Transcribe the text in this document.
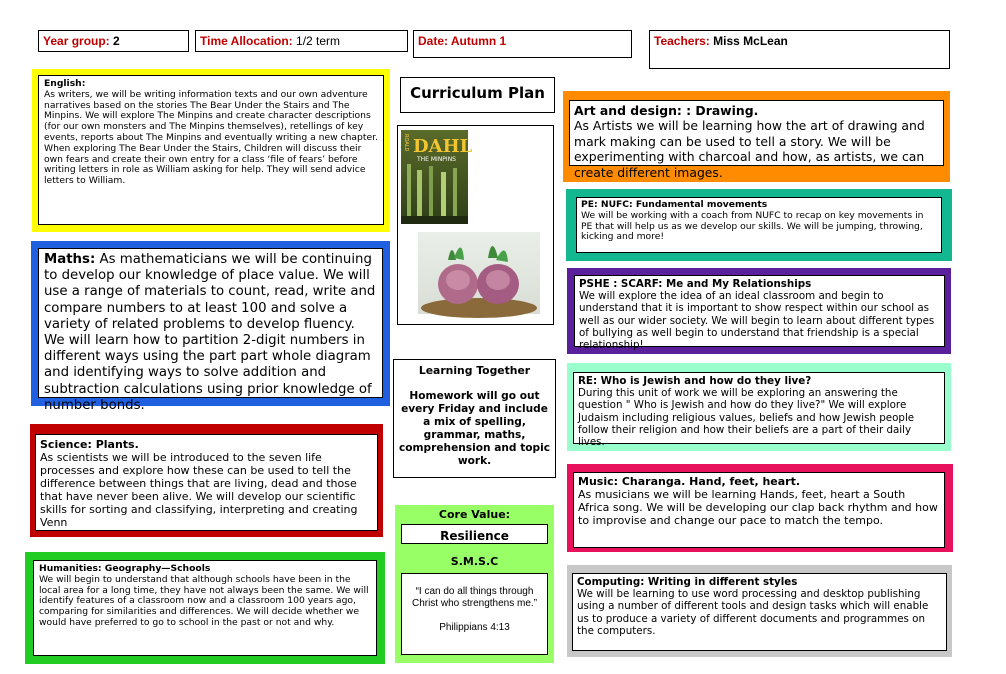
Year group: 2	Time Allocation: 1/2 term	Date: Autumn 1	Teachers: Miss McLean

English:

As writers, we will be writing information texts and our own adventure narratives based on the stories The Bear Under the Stairs and The Minpins. We will explore The Minpins and create character descriptions (for our own monsters and The Minpins themselves), retellings of key events, reports about The Minpins and eventually writing a new chapter. When exploring The Bear Under the Stairs, Children will discuss their own fears and create their own entry for a class ‘file of fears’ before writing letters in role as William asking for help. They will send advice letters to William.

Maths: As mathematicians we will be continuing to develop our knowledge of place value. We will use a range of materials to count, read, write and compare numbers to at least 100 and solve a variety of related problems to develop fluency. We will learn how to partition 2-digit numbers in different ways using the part part whole diagram and identifying ways to solve addition and subtraction calculations using prior knowledge of number bonds.

Science: Plants.

As scientists we will be introduced to the seven life processes and explore how these can be used to tell the difference between things that are living, dead and those that have never been alive. We will develop our scientific skills for sorting and classifying, interpreting and creating Venn

Humanities: Geography—Schools

We will begin to understand that although schools have been in the local area for a long time, they have not always been the same. We will identify features of a classroom now and a classroom 100 years ago, comparing for similarities and differences. We will decide whether we would have preferred to go to school in the past or not and why.

Curriculum Plan
ROALD DAHL
THE MINPINS

Learning Together

Homework will go out every Friday and include a mix of spelling, grammar, maths, comprehension and topic work.

Core Value:

Resilience

S.M.S.C

“I can do all things through Christ who strengthens me.”

Philippians 4:13

Art and design: : Drawing.

As Artists we will be learning how the art of drawing and mark making can be used to tell a story. We will be experimenting with charcoal and how, as artists, we can create different images.

PE: NUFC: Fundamental movements

We will be working with a coach from NUFC to recap on key movements in PE that will help us as we develop our skills. We will be jumping, throwing, kicking and more!

PSHE : SCARF: Me and My Relationships

We will explore the idea of an ideal classroom and begin to understand that it is important to show respect within our school as well as our wider society. We will begin to learn about different types of bullying as well begin to understand that friendship is a special relationship!

RE: Who is Jewish and how do they live?

During this unit of work we will be exploring an answering the question " Who is Jewish and how do they live?" We will explore Judaism including religious values, beliefs and how Jewish people follow their religion and how their beliefs are a part of their daily lives.

Music: Charanga. Hand, feet, heart.

As musicians we will be learning Hands, feet, heart a South Africa song. We will be developing our clap back rhythm and how to improvise and change our pace to match the tempo.

Computing: Writing in different styles

We will be learning to use word processing and desktop publishing using a number of different tools and design tasks which will enable us to produce a variety of different documents and programmes on the computers.
